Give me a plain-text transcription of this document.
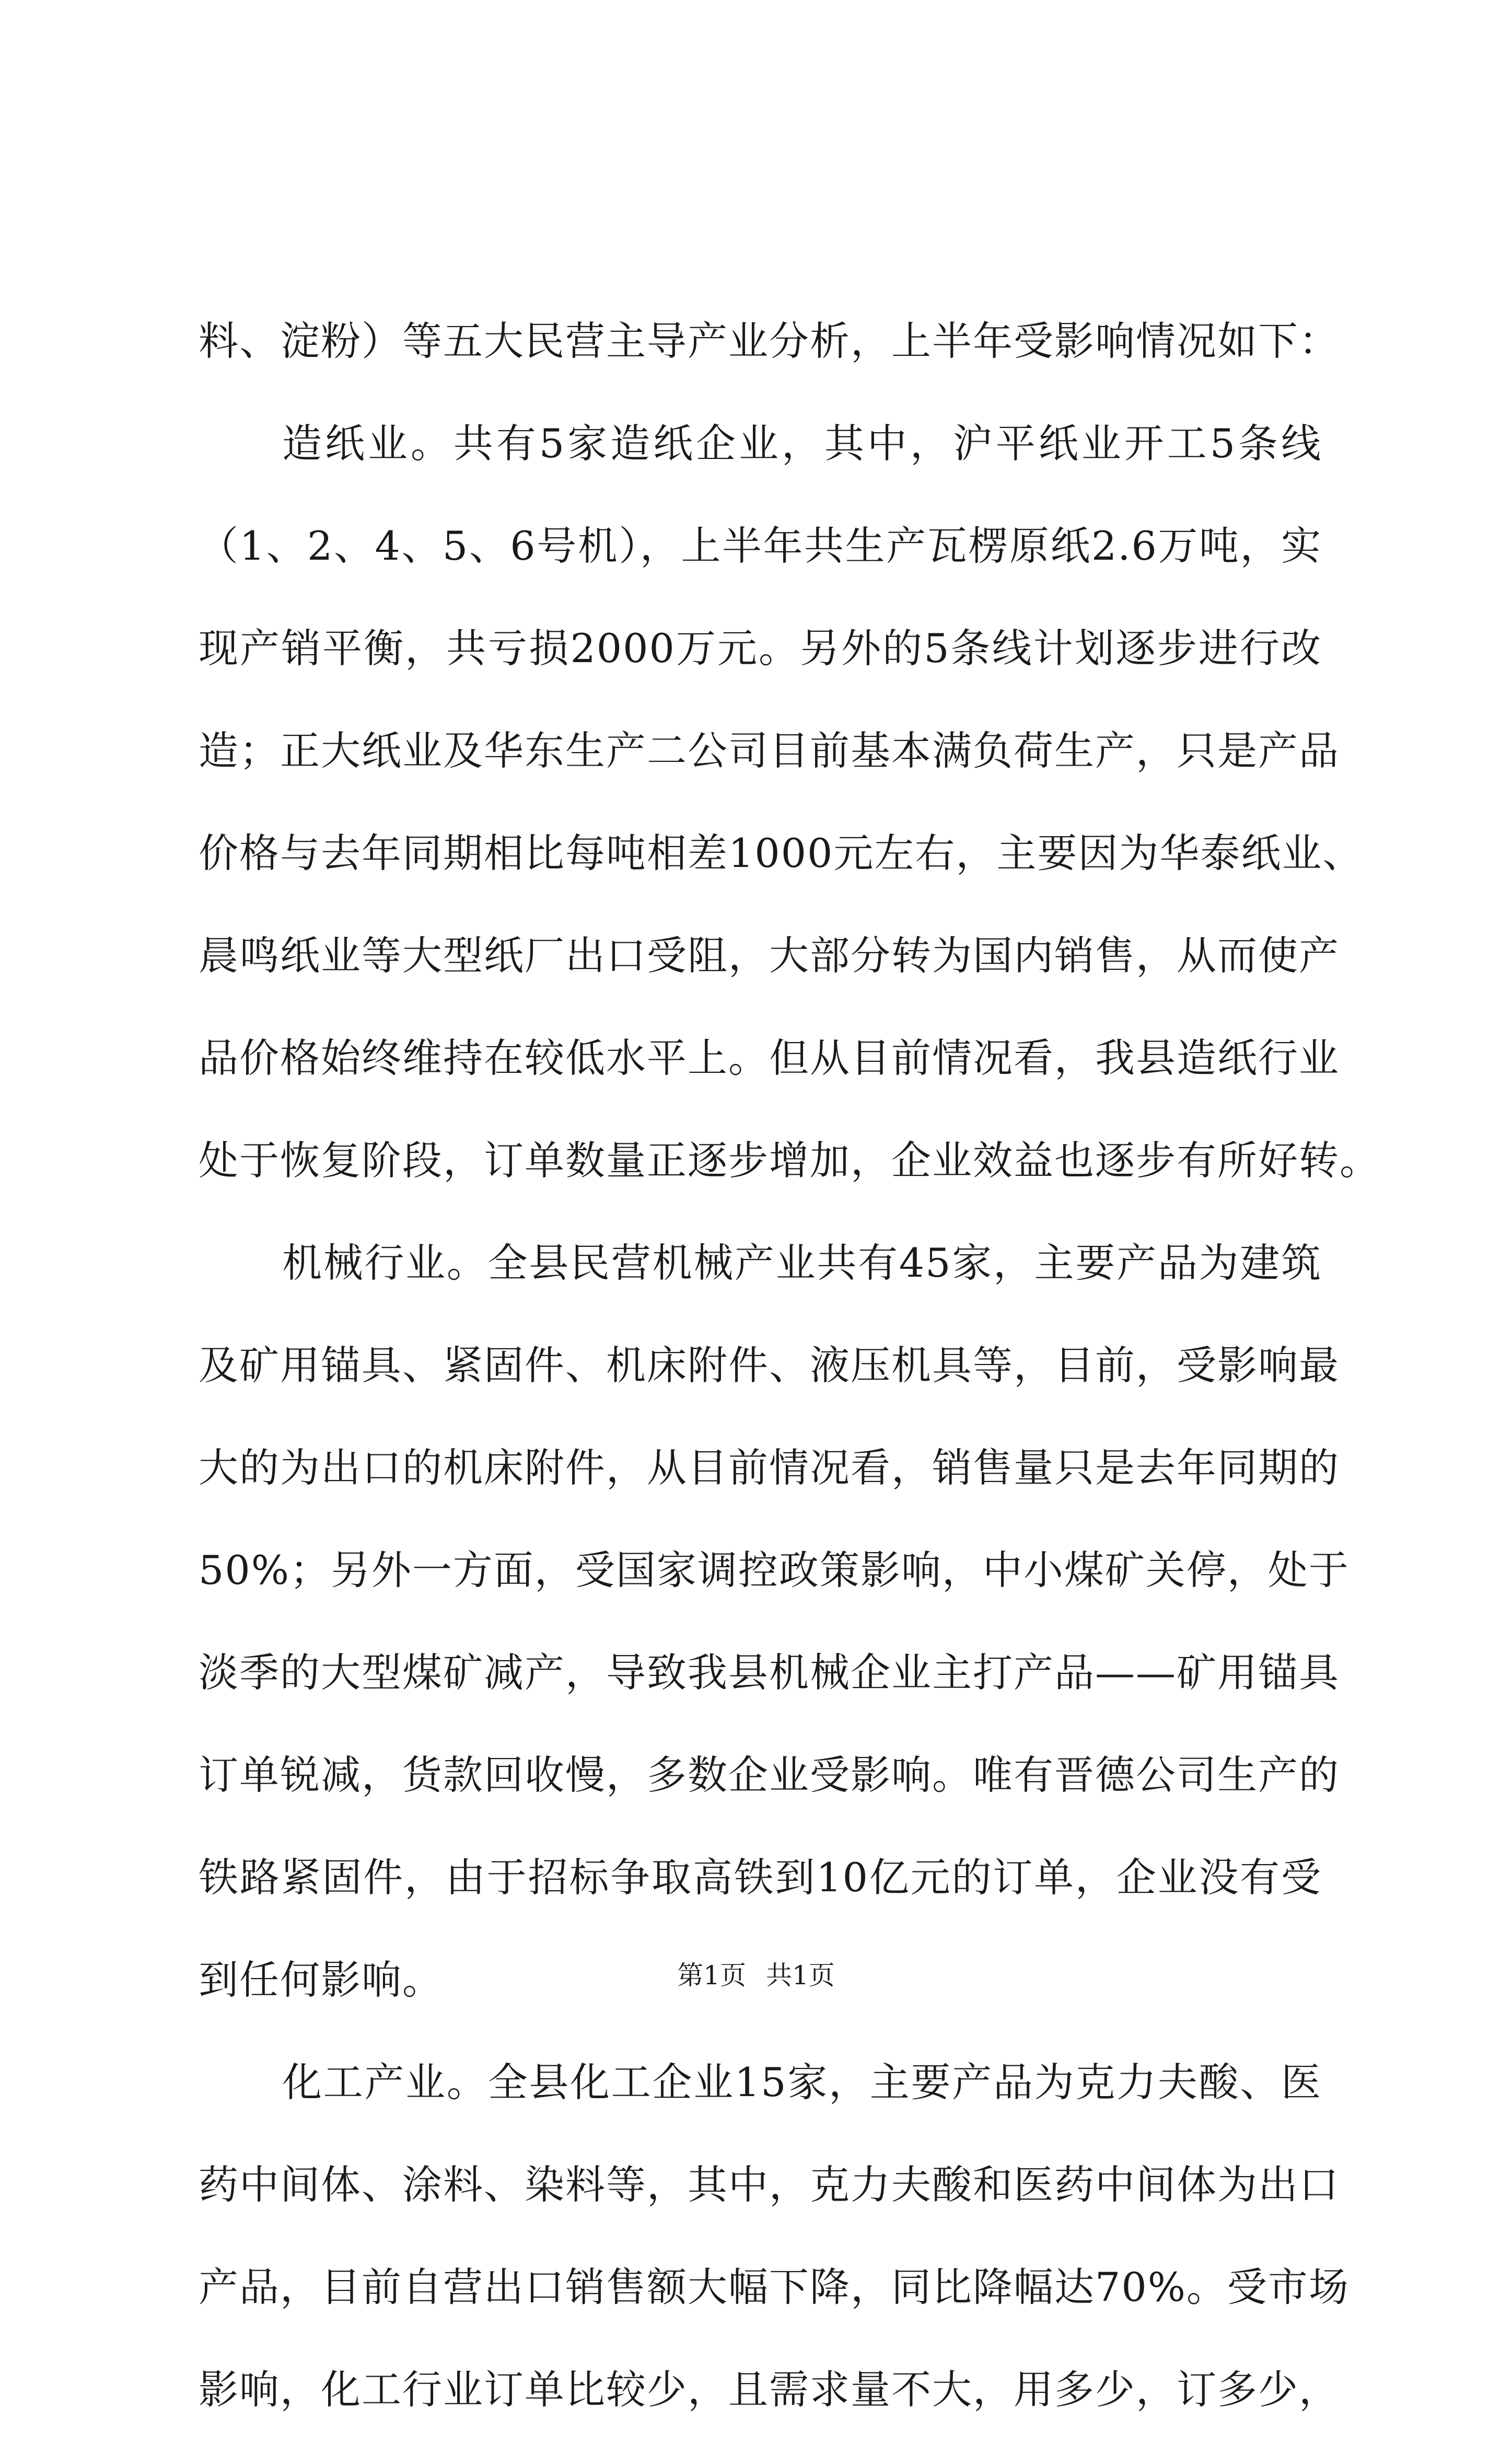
料、淀粉）等五大民营主导产业分析，上半年受影响情况如下：
造纸业。共有5家造纸企业，其中，沪平纸业开工5条线
（1、2、4、5、6号机），上半年共生产瓦楞原纸2.6万吨，实
现产销平衡，共亏损2000万元。另外的5条线计划逐步进行改
造；正大纸业及华东生产二公司目前基本满负荷生产，只是产品
价格与去年同期相比每吨相差1000元左右，主要因为华泰纸业、
晨鸣纸业等大型纸厂出口受阻，大部分转为国内销售，从而使产
品价格始终维持在较低水平上。但从目前情况看，我县造纸行业
处于恢复阶段，订单数量正逐步增加，企业效益也逐步有所好转。
机械行业。全县民营机械产业共有45家，主要产品为建筑
及矿用锚具、紧固件、机床附件、液压机具等，目前，受影响最
大的为出口的机床附件，从目前情况看，销售量只是去年同期的
50%；另外一方面，受国家调控政策影响，中小煤矿关停，处于
淡季的大型煤矿减产，导致我县机械企业主打产品——矿用锚具
订单锐减，货款回收慢，多数企业受影响。唯有晋德公司生产的
铁路紧固件，由于招标争取高铁到10亿元的订单，企业没有受
到任何影响。
化工产业。全县化工企业15家，主要产品为克力夫酸、医
药中间体、涂料、染料等，其中，克力夫酸和医药中间体为出口
产品，目前自营出口销售额大幅下降，同比降幅达70%。受市场
影响，化工行业订单比较少，且需求量不大，用多少，订多少，
第1页 共1页
